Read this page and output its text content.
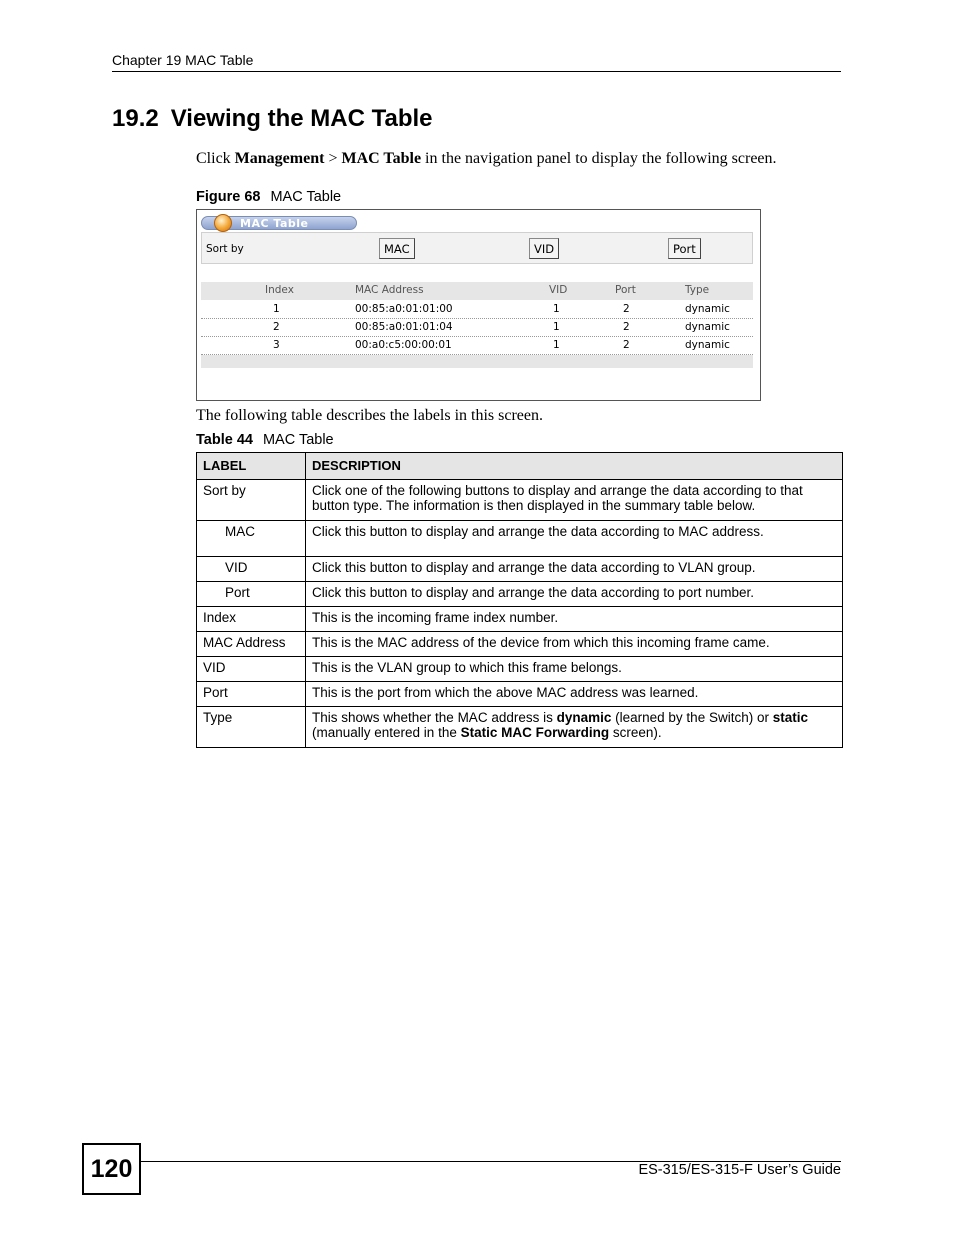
Chapter 19 MAC Table
19.2 Viewing the MAC Table

Click Management > MAC Table in the navigation panel to display the following screen.

Figure 68 MAC Table
MAC Table
Sort by	MAC	VID	Port
Index	MAC Address	VID	Port	Type
1	00:85:a0:01:01:00	1	2	dynamic
2	00:85:a0:01:01:04	1	2	dynamic
3	00:a0:c5:00:00:01	1	2	dynamic

The following table describes the labels in this screen.

Table 44 MAC Table
LABEL	DESCRIPTION
Sort by	Click one of the following buttons to display and arrange the data according to that button type. The information is then displayed in the summary table below.
MAC	Click this button to display and arrange the data according to MAC address.
VID	Click this button to display and arrange the data according to VLAN group.
Port	Click this button to display and arrange the data according to port number.
Index	This is the incoming frame index number.
MAC Address	This is the MAC address of the device from which this incoming frame came.
VID	This is the VLAN group to which this frame belongs.
Port	This is the port from which the above MAC address was learned.
Type	This shows whether the MAC address is dynamic (learned by the Switch) or static (manually entered in the Static MAC Forwarding screen).
120	ES-315/ES-315-F User’s Guide
